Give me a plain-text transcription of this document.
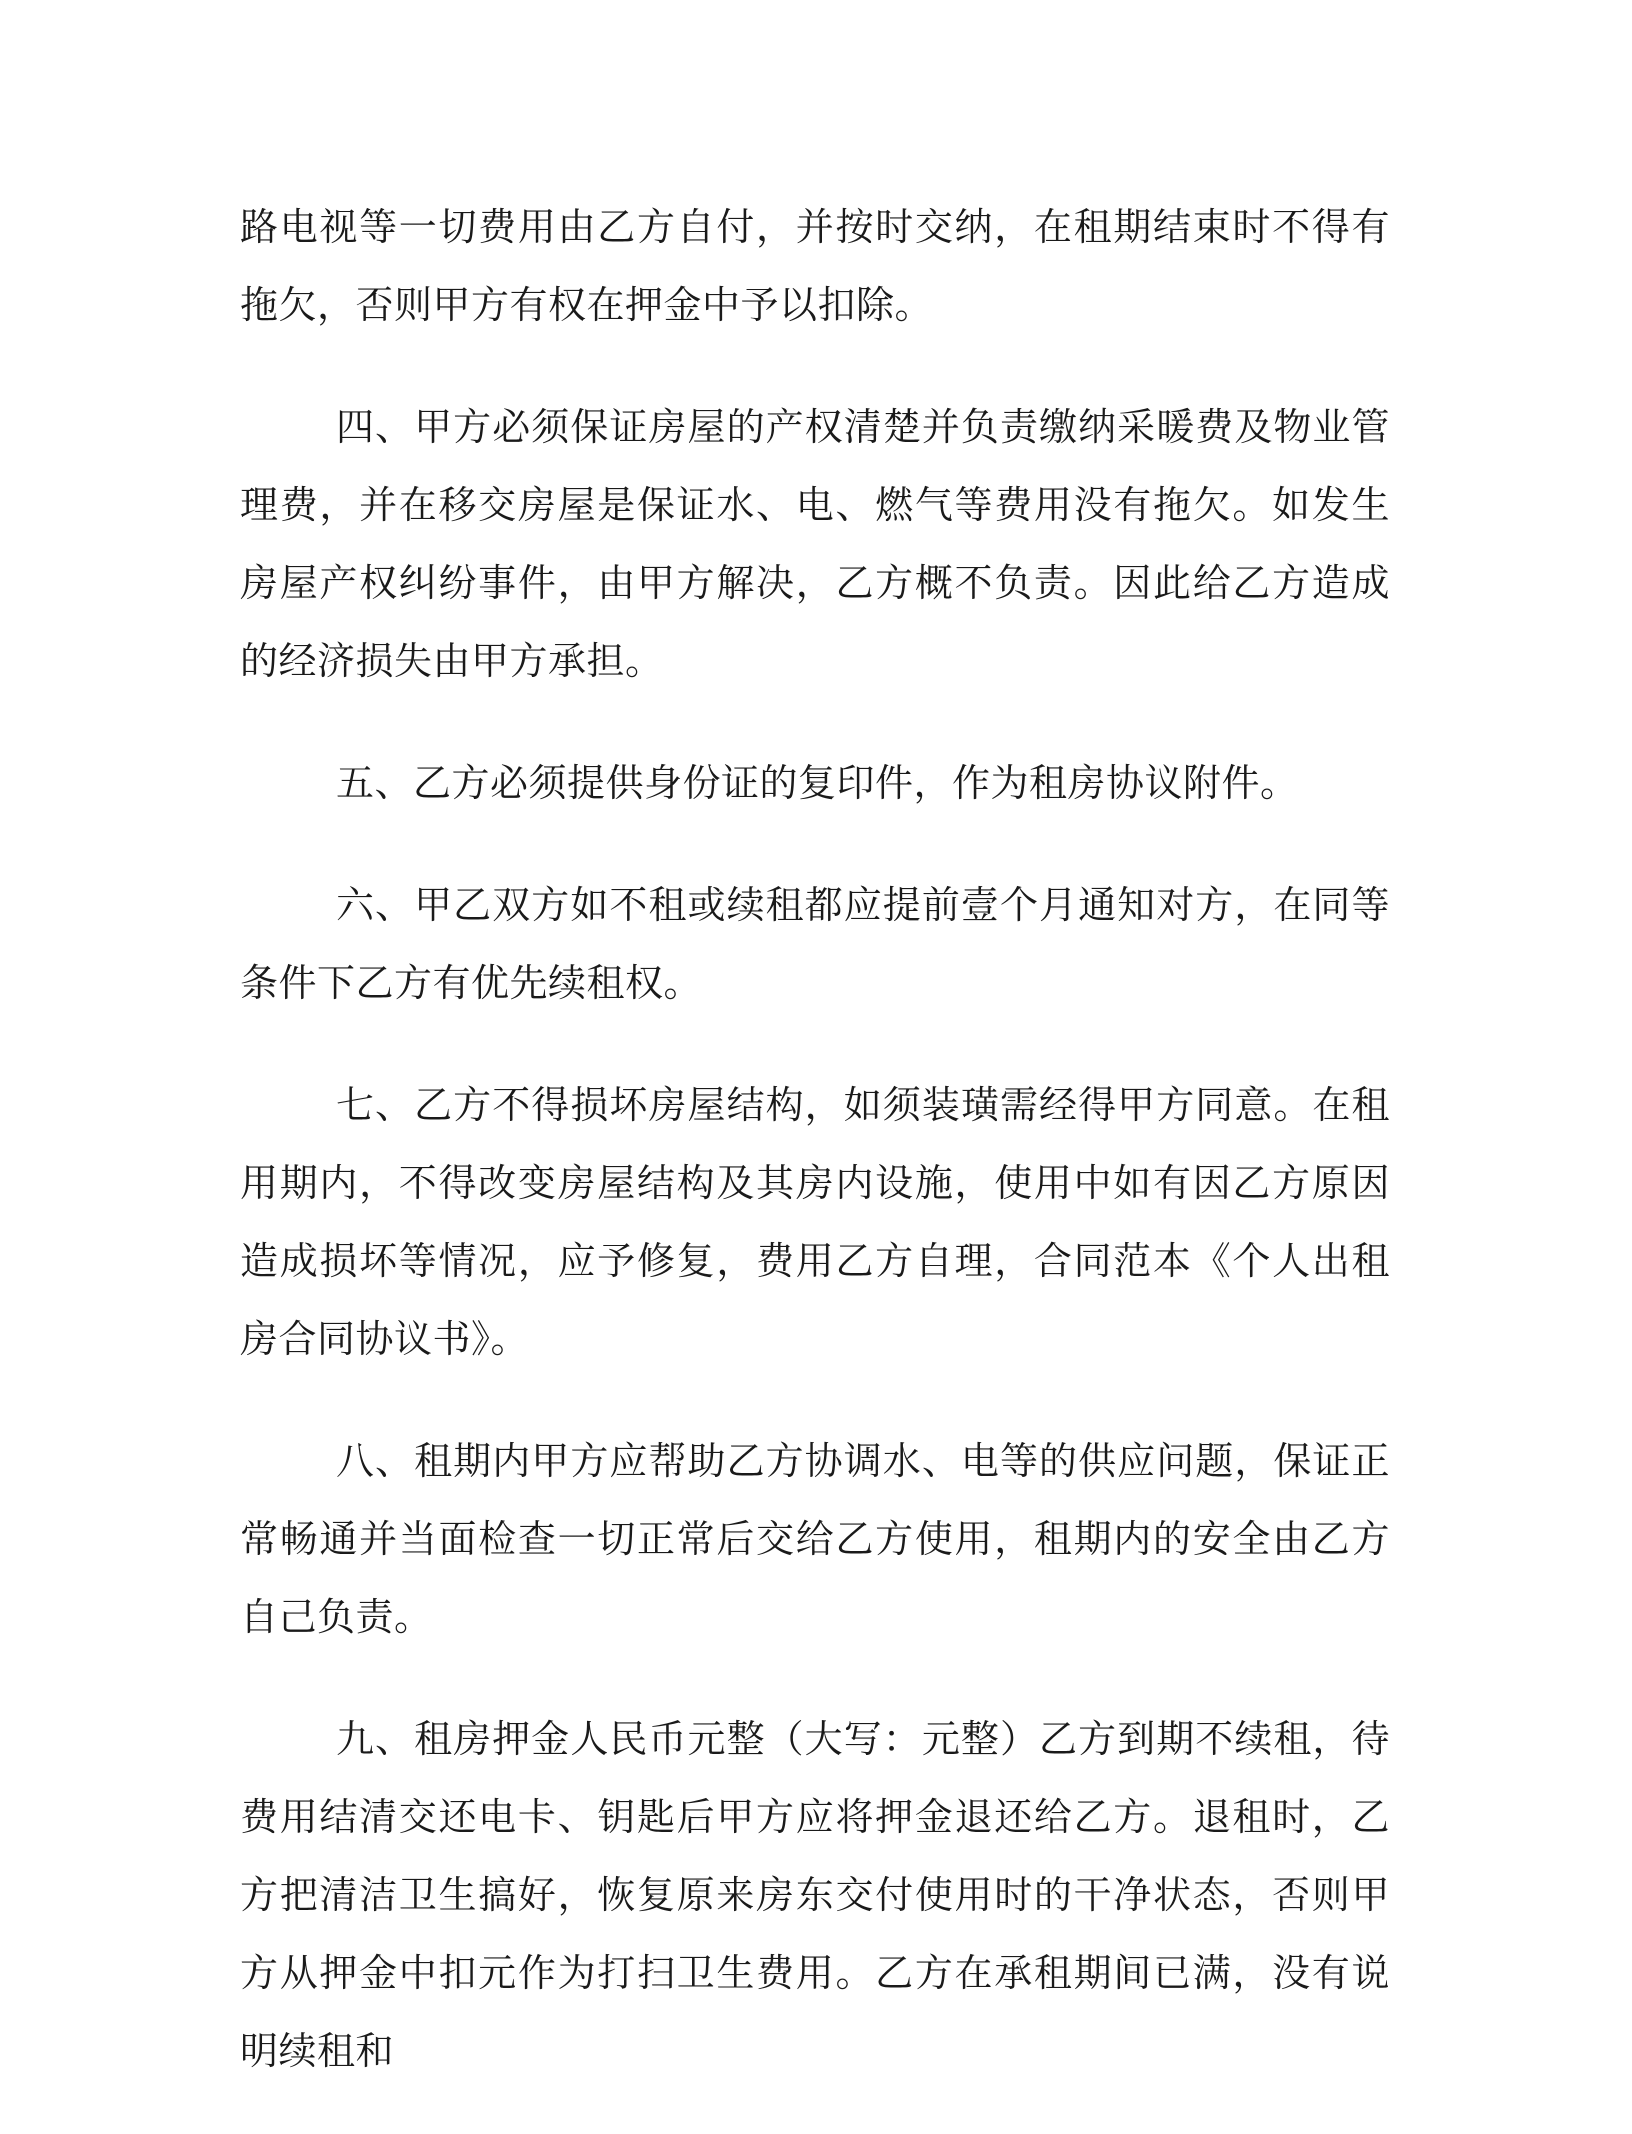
路电视等一切费用由乙方自付，并按时交纳，在租期结束时不得有拖欠，否则甲方有权在押金中予以扣除。

四、甲方必须保证房屋的产权清楚并负责缴纳采暖费及物业管理费，并在移交房屋是保证水、电、燃气等费用没有拖欠。如发生房屋产权纠纷事件，由甲方解决，乙方概不负责。因此给乙方造成的经济损失由甲方承担。

五、乙方必须提供身份证的复印件，作为租房协议附件。

六、甲乙双方如不租或续租都应提前壹个月通知对方，在同等条件下乙方有优先续租权。

七、乙方不得损坏房屋结构，如须装璜需经得甲方同意。在租用期内，不得改变房屋结构及其房内设施，使用中如有因乙方原因造成损坏等情况，应予修复，费用乙方自理，合同范本《个人出租房合同协议书》。

八、租期内甲方应帮助乙方协调水、电等的供应问题，保证正常畅通并当面检查一切正常后交给乙方使用，租期内的安全由乙方自己负责。

九、租房押金人民币元整（大写：元整）乙方到期不续租，待费用结清交还电卡、钥匙后甲方应将押金退还给乙方。退租时，乙方把清洁卫生搞好，恢复原来房东交付使用时的干净状态，否则甲方从押金中扣元作为打扫卫生费用。乙方在承租期间已满，没有说明续租和
